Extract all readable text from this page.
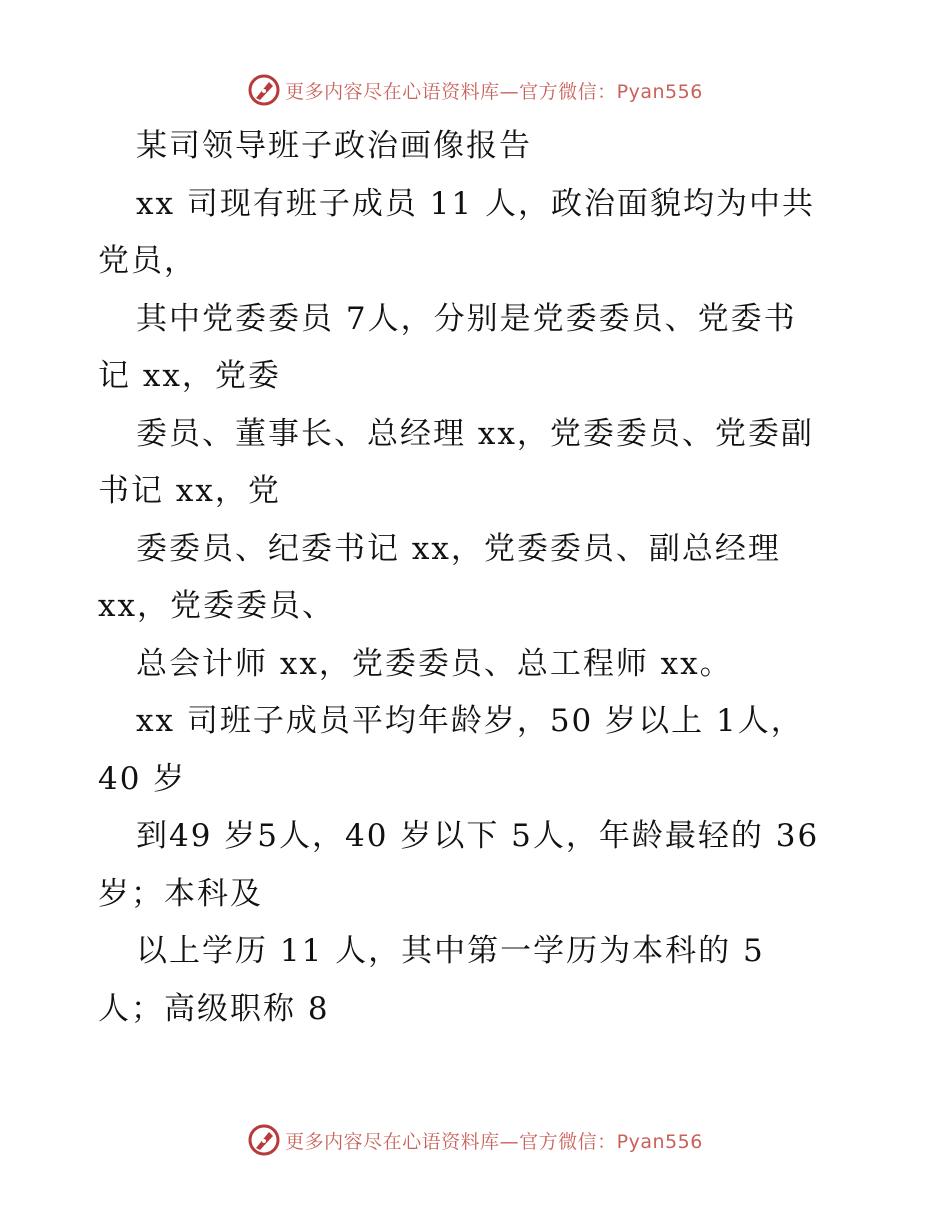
更多内容尽在心语资料库—官方微信：Pyan556
某司领导班子政治画像报告
xx 司现有班子成员 11 人，政治面貌均为中共
党员，
其中党委委员 7人，分别是党委委员、党委书
记 xx，党委
委员、董事长、总经理 xx，党委委员、党委副
书记 xx，党
委委员、纪委书记 xx，党委委员、副总经理
xx，党委委员、
总会计师 xx，党委委员、总工程师 xx。
xx 司班子成员平均年龄岁，50 岁以上 1人，
40 岁
到49 岁5人，40 岁以下 5人，年龄最轻的 36
岁；本科及
以上学历 11 人，其中第一学历为本科的 5
人；高级职称 8
更多内容尽在心语资料库—官方微信：Pyan556
